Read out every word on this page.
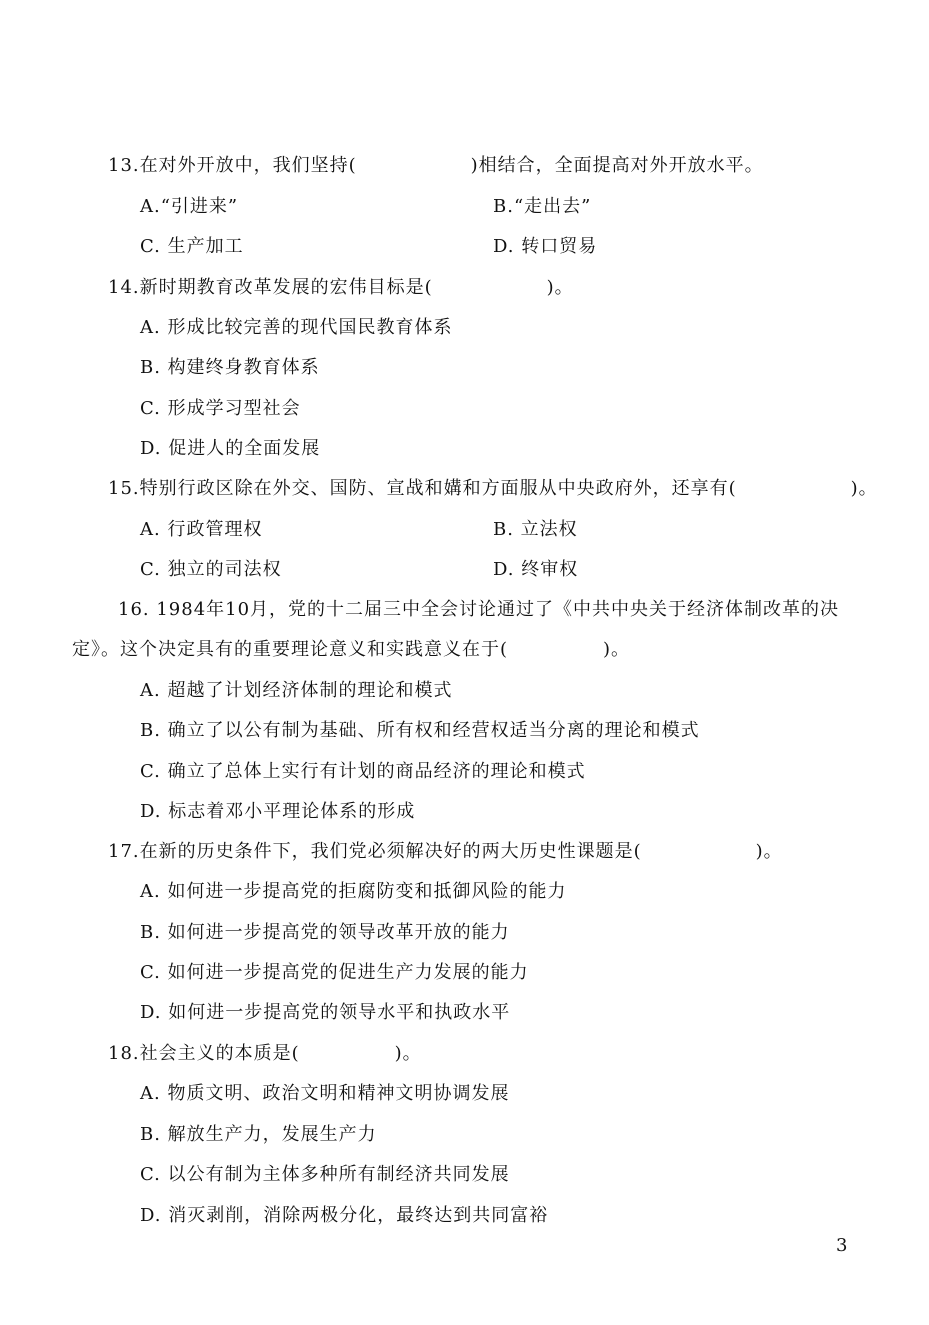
13.在对外开放中，我们坚持(　　　　　　)相结合，全面提高对外开放水平。
A.“引进来”	B.“走出去”
C. 生产加工	D. 转口贸易
14.新时期教育改革发展的宏伟目标是(　　　　　　)。
A. 形成比较完善的现代国民教育体系
B. 构建终身教育体系
C. 形成学习型社会
D. 促进人的全面发展
15.特别行政区除在外交、国防、宣战和媾和方面服从中央政府外，还享有(　　　　　　)。
A. 行政管理权	B. 立法权
C. 独立的司法权	D. 终审权
16. 1984年10月，党的十二届三中全会讨论通过了《中共中央关于经济体制改革的决
定》。这个决定具有的重要理论意义和实践意义在于(　　　　　)。
A. 超越了计划经济体制的理论和模式
B. 确立了以公有制为基础、所有权和经营权适当分离的理论和模式
C. 确立了总体上实行有计划的商品经济的理论和模式
D. 标志着邓小平理论体系的形成
17.在新的历史条件下，我们党必须解决好的两大历史性课题是(　　　　　　)。
A. 如何进一步提高党的拒腐防变和抵御风险的能力
B. 如何进一步提高党的领导改革开放的能力
C. 如何进一步提高党的促进生产力发展的能力
D. 如何进一步提高党的领导水平和执政水平
18.社会主义的本质是(　　　　　)。
A. 物质文明、政治文明和精神文明协调发展
B. 解放生产力，发展生产力
C. 以公有制为主体多种所有制经济共同发展
D. 消灭剥削，消除两极分化，最终达到共同富裕
3
